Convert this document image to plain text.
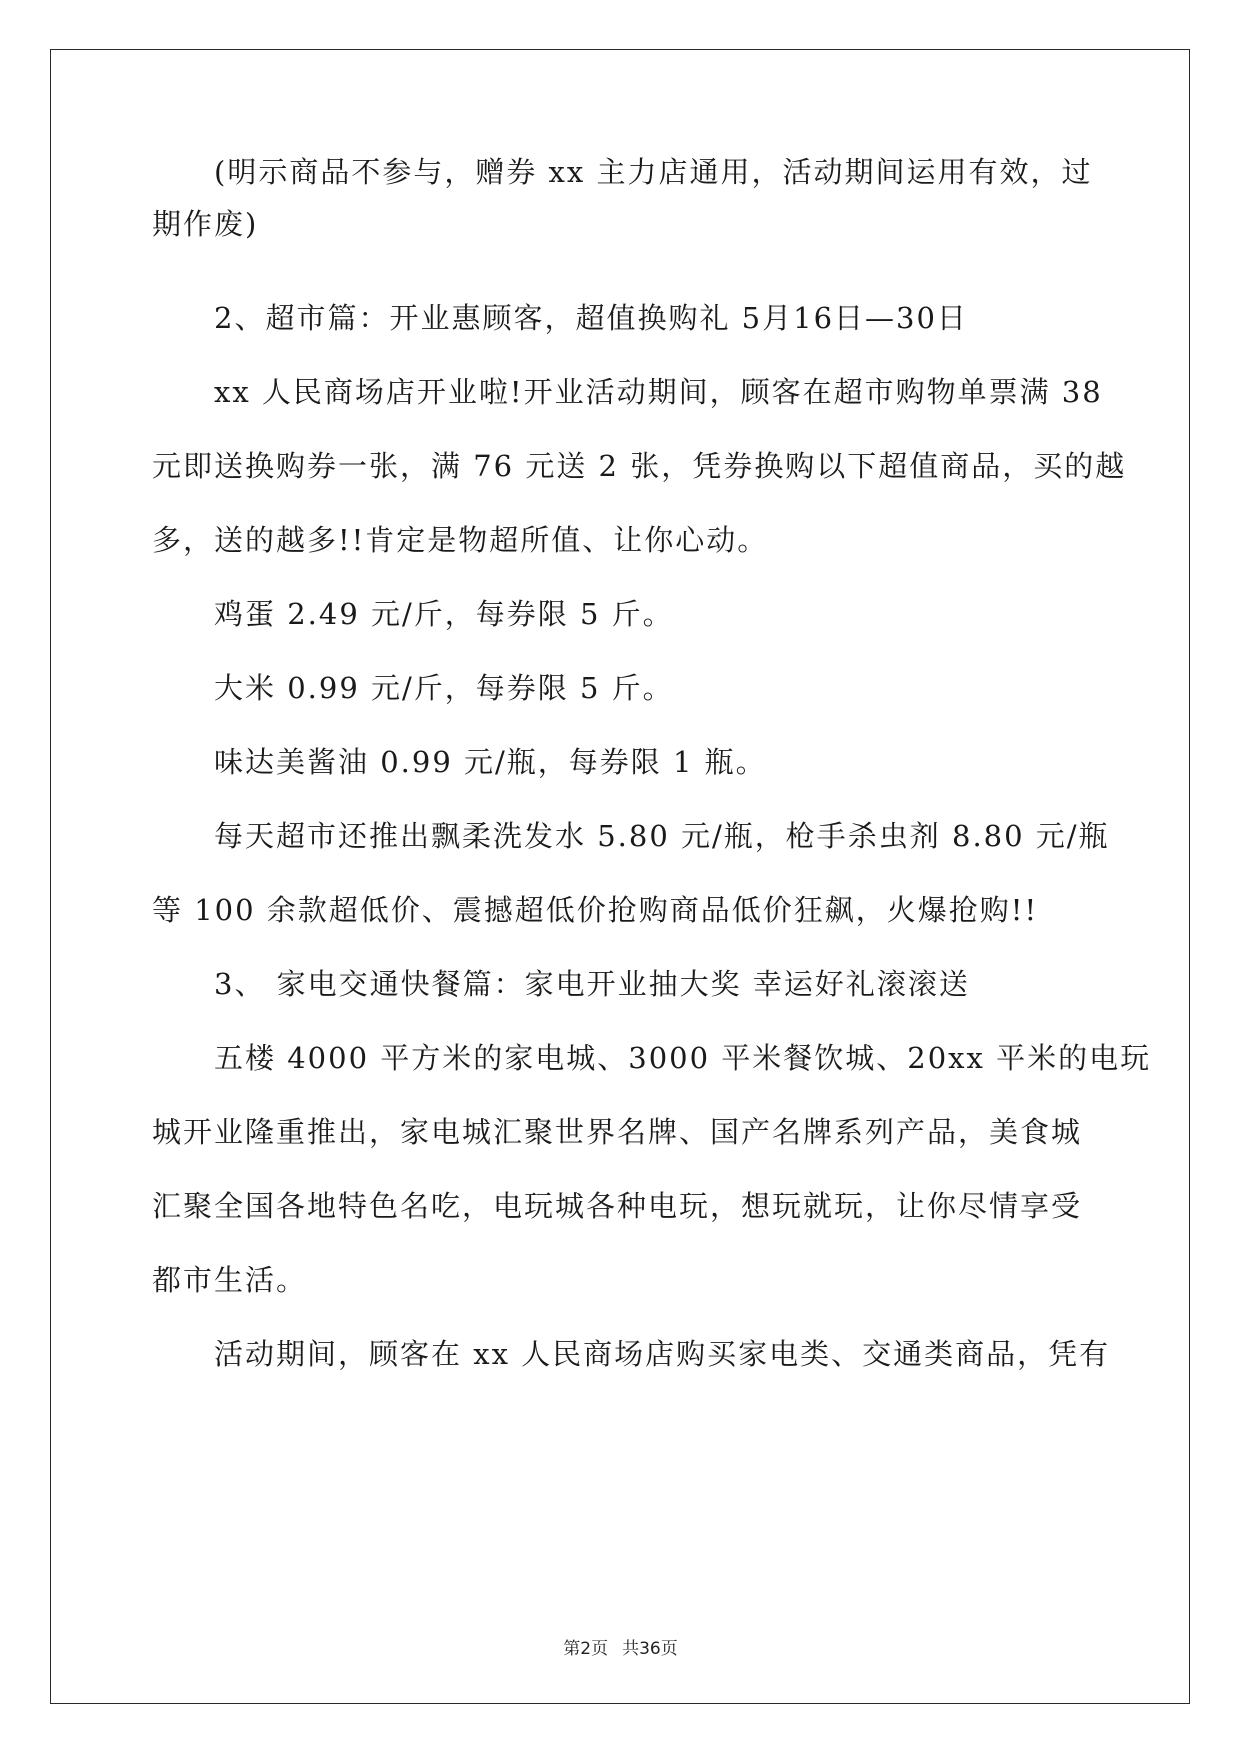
(明示商品不参与，赠券 xx 主力店通用，活动期间运用有效，过
期作废)
2、超市篇：开业惠顾客，超值换购礼 5月16日—30日
xx 人民商场店开业啦!开业活动期间，顾客在超市购物单票满 38
元即送换购券一张，满 76 元送 2 张，凭券换购以下超值商品，买的越
多，送的越多!!肯定是物超所值、让你心动。
鸡蛋 2.49 元/斤，每券限 5 斤。
大米 0.99 元/斤，每券限 5 斤。
味达美酱油 0.99 元/瓶，每券限 1 瓶。
每天超市还推出飘柔洗发水 5.80 元/瓶，枪手杀虫剂 8.80 元/瓶
等 100 余款超低价、震撼超低价抢购商品低价狂飙，火爆抢购!!
3、 家电交通快餐篇：家电开业抽大奖 幸运好礼滚滚送
五楼 4000 平方米的家电城、3000 平米餐饮城、20xx 平米的电玩
城开业隆重推出，家电城汇聚世界名牌、国产名牌系列产品，美食城
汇聚全国各地特色名吃，电玩城各种电玩，想玩就玩，让你尽情享受
都市生活。
活动期间，顾客在 xx 人民商场店购买家电类、交通类商品，凭有
第2页 共36页
